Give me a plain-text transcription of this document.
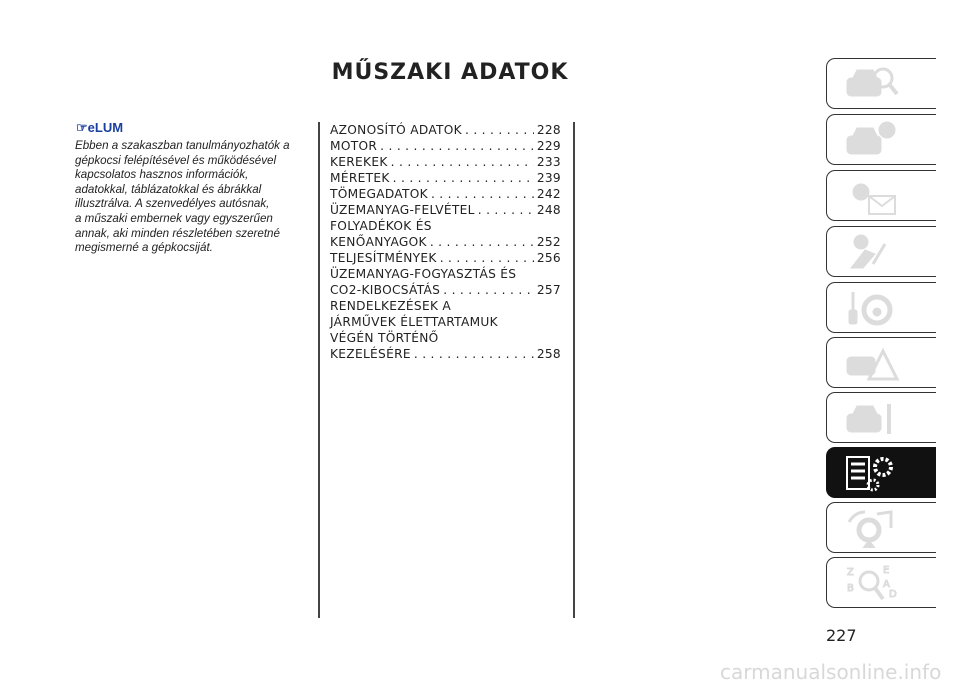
MŰSZAKI ADATOK
☞eLUM
Ebben a szakaszban tanulmányozhatók a
gépkocsi felépítésével és működésével
kapcsolatos hasznos információk,
adatokkal, táblázatokkal és ábrákkal
illusztrálva. A szenvedélyes autósnak,
a műszaki embernek vagy egyszerűen
annak, aki minden részletében szeretné
megismerné a gépkocsiját.
AZONOSÍTÓ ADATOK . . .	228
MOTOR . . .	229
KEREKEK . . .	233
MÉRETEK . . .	239
TÖMEGADATOK . . .	242
ÜZEMANYAG-FELVÉTEL . . .	248
FOLYADÉKOK ÉS
KENŐANYAGOK . . .	252
TELJESÍTMÉNYEK . . .	256
ÜZEMANYAG-FOGYASZTÁS ÉS
CO2-KIBOCSÁTÁS . . .	257
RENDELKEZÉSEK A
JÁRMŰVEK ÉLETTARTAMUK
VÉGÉN TÖRTÉNŐ
KEZELÉSÉRE . . .	258
Z
B
E
A
D
227
carmanualsonline.info
